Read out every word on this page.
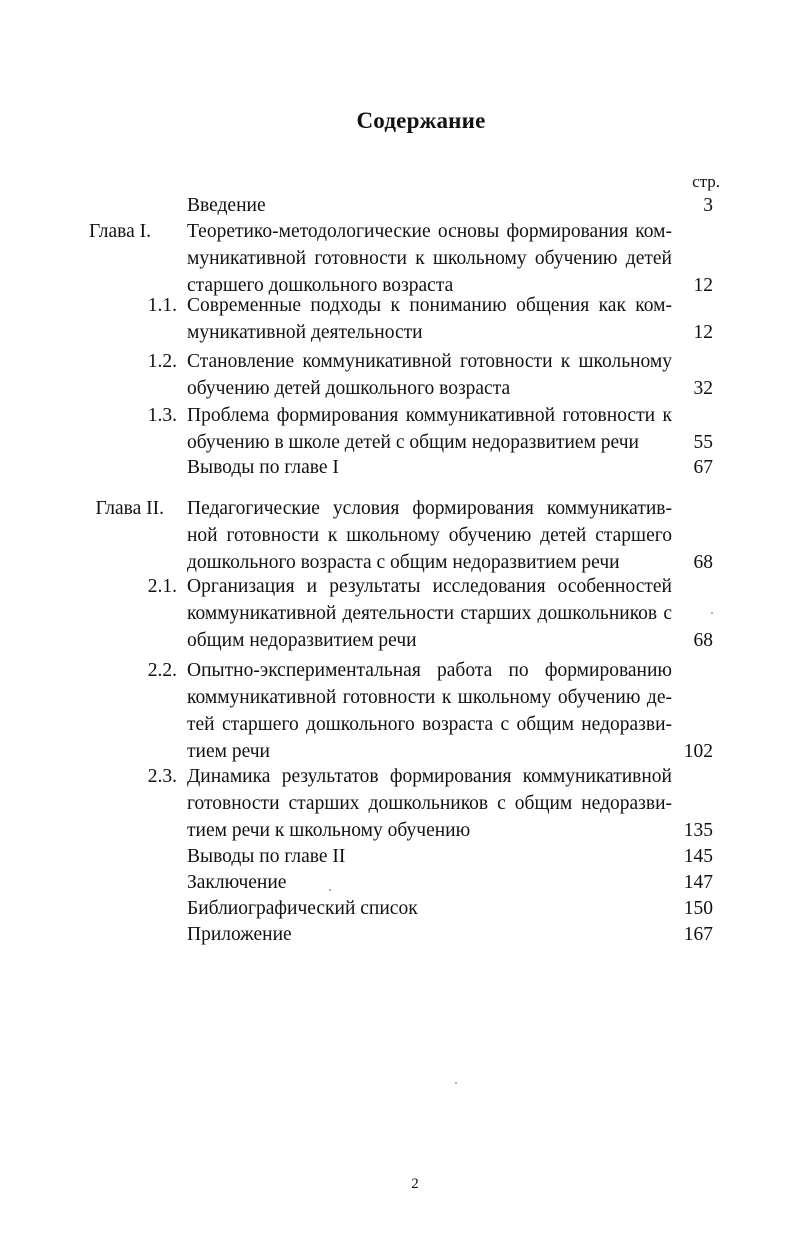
Содержание
стр.
Введение	3
Глава I. Теоретико-методологические основы формирования ком-
муникативной готовности к школьному обучению детей
старшего дошкольного возраста	12
1.1. Современные подходы к пониманию общения как ком-
муникативной деятельности	12
1.2. Становление коммуникативной готовности к школьному
обучению детей дошкольного возраста	32
1.3. Проблема формирования коммуникативной готовности к
обучению в школе детей с общим недоразвитием речи	55
Выводы по главе I	67
Глава II. Педагогические условия формирования коммуникатив-
ной готовности к школьному обучению детей старшего
дошкольного возраста с общим недоразвитием речи	68
2.1. Организация и результаты исследования особенностей
коммуникативной деятельности старших дошкольников с
общим недоразвитием речи	68
2.2. Опытно-экспериментальная работа по формированию
коммуникативной готовности к школьному обучению де-
тей старшего дошкольного возраста с общим недоразви-
тием речи	102
2.3. Динамика результатов формирования коммуникативной
готовности старших дошкольников с общим недоразви-
тием речи к школьному обучению	135
Выводы по главе II	145
Заключение	147
Библиографический список	150
Приложение	167
2
